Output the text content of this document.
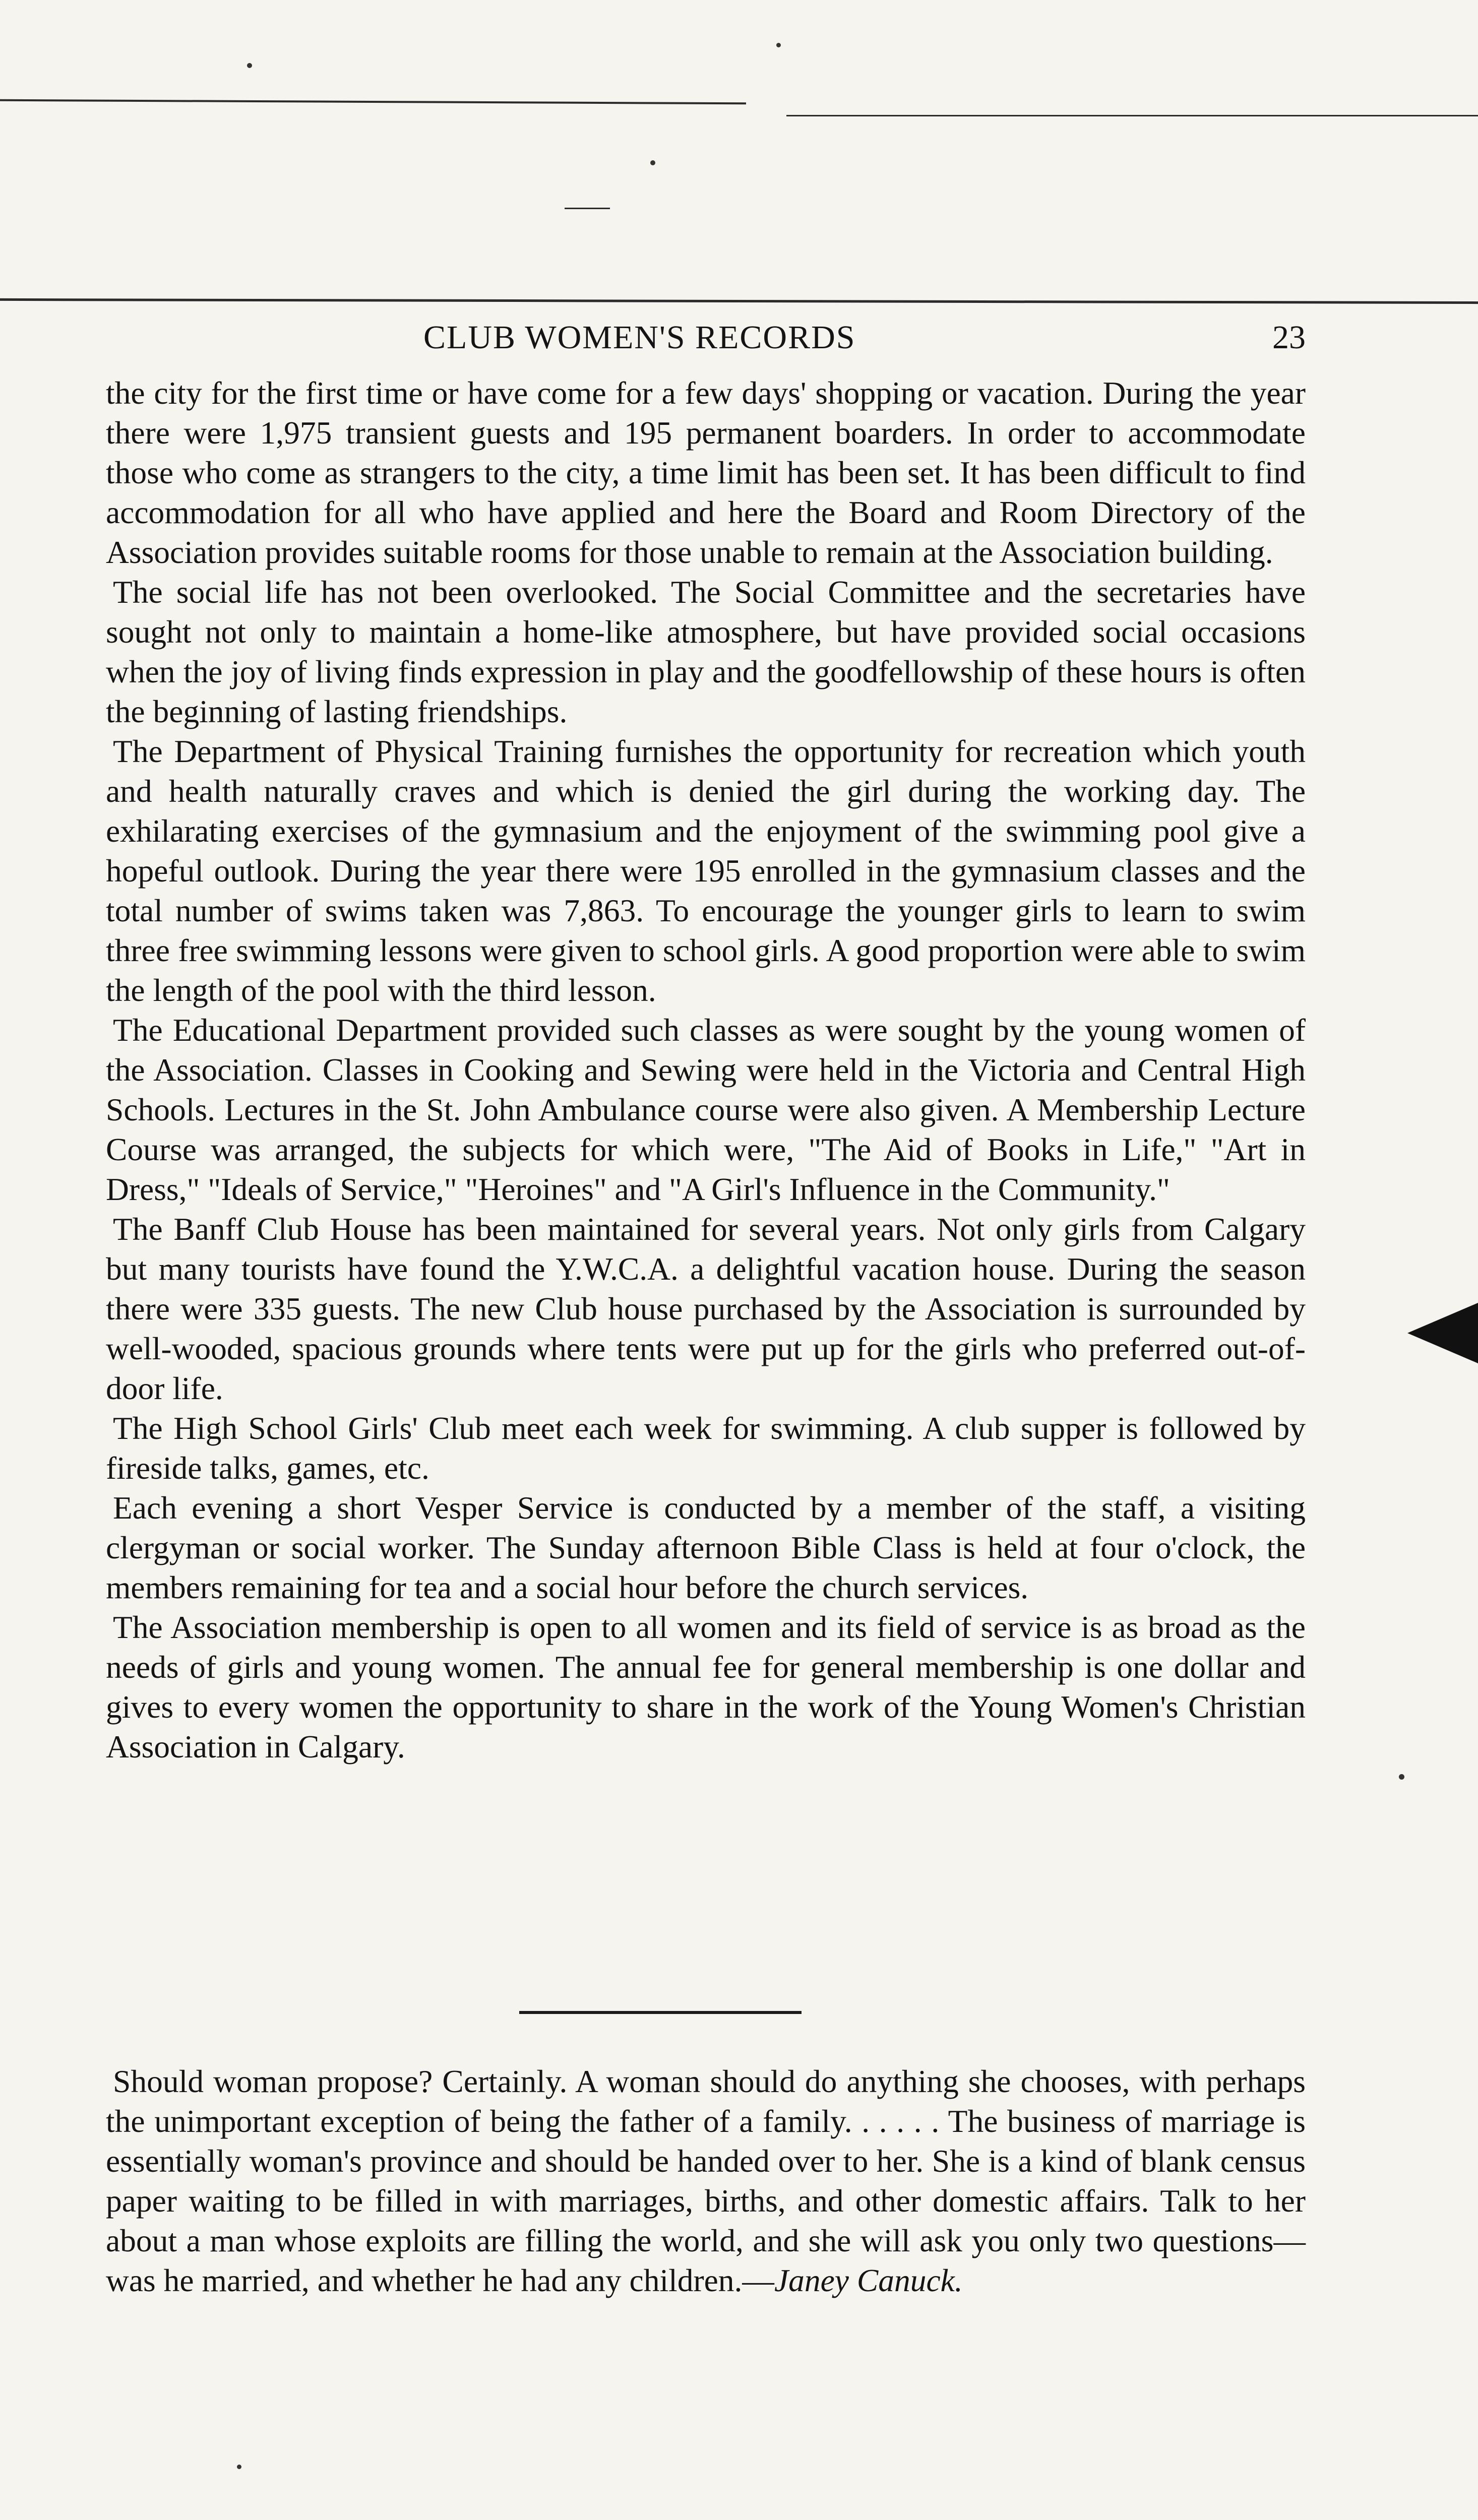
CLUB WOMEN'S RECORDS	23

the city for the first time or have come for a few days' shopping or vacation. During the year there were 1,975 transient guests and 195 permanent boarders. In order to accommodate those who come as strangers to the city, a time limit has been set. It has been difficult to find accommodation for all who have applied and here the Board and Room Directory of the Association provides suitable rooms for those unable to remain at the Association building.

The social life has not been overlooked. The Social Committee and the secretaries have sought not only to maintain a home-like atmosphere, but have provided social occasions when the joy of living finds expression in play and the goodfellowship of these hours is often the beginning of lasting friendships.

The Department of Physical Training furnishes the opportunity for recreation which youth and health naturally craves and which is denied the girl during the working day. The exhilarating exercises of the gymnasium and the enjoyment of the swimming pool give a hopeful outlook. During the year there were 195 enrolled in the gymnasium classes and the total number of swims taken was 7,863. To encourage the younger girls to learn to swim three free swimming lessons were given to school girls. A good proportion were able to swim the length of the pool with the third lesson.

The Educational Department provided such classes as were sought by the young women of the Association. Classes in Cooking and Sewing were held in the Victoria and Central High Schools. Lectures in the St. John Ambulance course were also given. A Membership Lecture Course was arranged, the subjects for which were, "The Aid of Books in Life," "Art in Dress," "Ideals of Service," "Heroines" and "A Girl's Influence in the Community."

The Banff Club House has been maintained for several years. Not only girls from Calgary but many tourists have found the Y.W.C.A. a delightful vacation house. During the season there were 335 guests. The new Club house purchased by the Association is surrounded by well-wooded, spacious grounds where tents were put up for the girls who preferred out-of-door life.

The High School Girls' Club meet each week for swimming. A club supper is followed by fireside talks, games, etc.

Each evening a short Vesper Service is conducted by a member of the staff, a visiting clergyman or social worker. The Sunday afternoon Bible Class is held at four o'clock, the members remaining for tea and a social hour before the church services.

The Association membership is open to all women and its field of service is as broad as the needs of girls and young women. The annual fee for general membership is one dollar and gives to every women the opportunity to share in the work of the Young Women's Christian Association in Calgary.

Should woman propose? Certainly. A woman should do anything she chooses, with perhaps the unimportant exception of being the father of a family. . . . . . The business of marriage is essentially woman's province and should be handed over to her. She is a kind of blank census paper waiting to be filled in with marriages, births, and other domestic affairs. Talk to her about a man whose exploits are filling the world, and she will ask you only two questions—was he married, and whether he had any children.—Janey Canuck.
